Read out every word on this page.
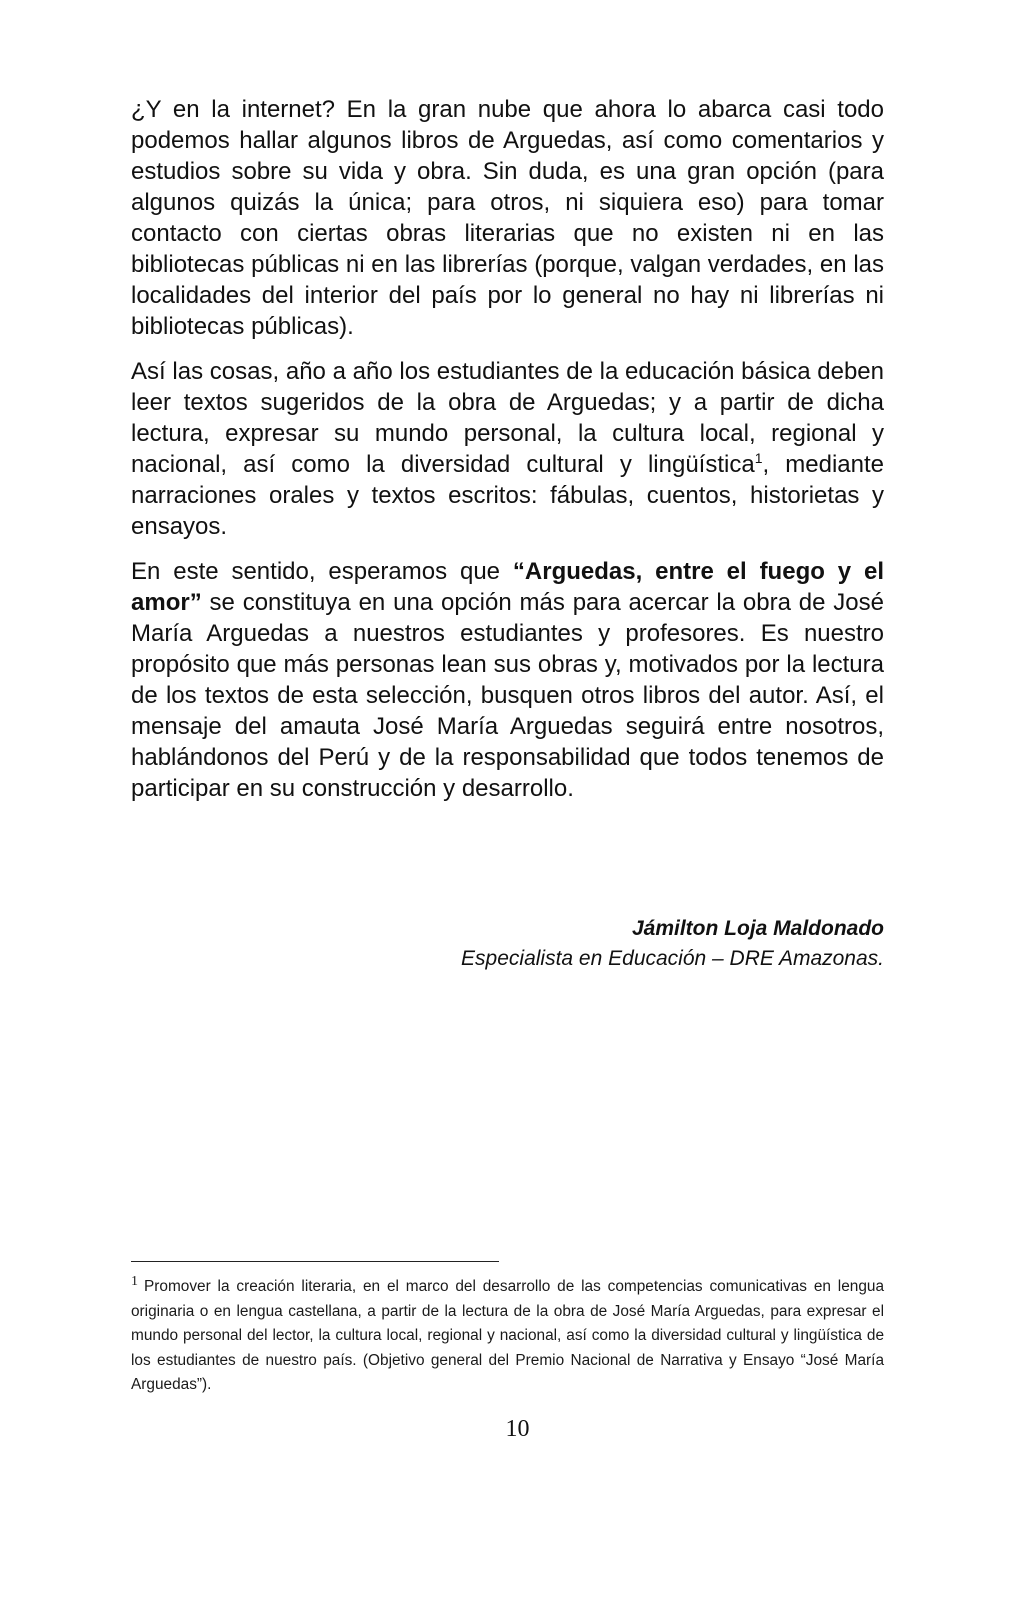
¿Y en la internet? En la gran nube que ahora lo abarca casi todo podemos hallar algunos libros de Arguedas, así como comentarios y estudios sobre su vida y obra. Sin duda, es una gran opción (para algunos quizás la única; para otros, ni siquiera eso) para tomar contacto con ciertas obras literarias que no existen ni en las bibliotecas públicas ni en las librerías (porque, valgan verdades, en las localidades del interior del país por lo general no hay ni librerías ni bibliotecas públicas).

Así las cosas, año a año los estudiantes de la educación básica deben leer textos sugeridos de la obra de Arguedas; y a partir de dicha lectura, expresar su mundo personal, la cultura local, regional y nacional, así como la diversidad cultural y lingüística$^1$, mediante narraciones orales y textos escritos: fábulas, cuentos, historietas y ensayos.

En este sentido, esperamos que “Arguedas, entre el fuego y el amor” se constituya en una opción más para acercar la obra de José María Arguedas a nuestros estudiantes y profesores. Es nuestro propósito que más personas lean sus obras y, motivados por la lectura de los textos de esta selección, busquen otros libros del autor. Así, el mensaje del amauta José María Arguedas seguirá entre nosotros, hablándonos del Perú y de la responsabilidad que todos tenemos de participar en su construcción y desarrollo.

Jámilton Loja Maldonado
Especialista en Educación – DRE Amazonas.
1 Promover la creación literaria, en el marco del desarrollo de las competencias comunicativas en lengua originaria o en lengua castellana, a partir de la lectura de la obra de José María Arguedas, para expresar el mundo personal del lector, la cultura local, regional y nacional, así como la diversidad cultural y lingüística de los estudiantes de nuestro país. (Objetivo general del Premio Nacional de Narrativa y Ensayo “José María Arguedas”).
10
